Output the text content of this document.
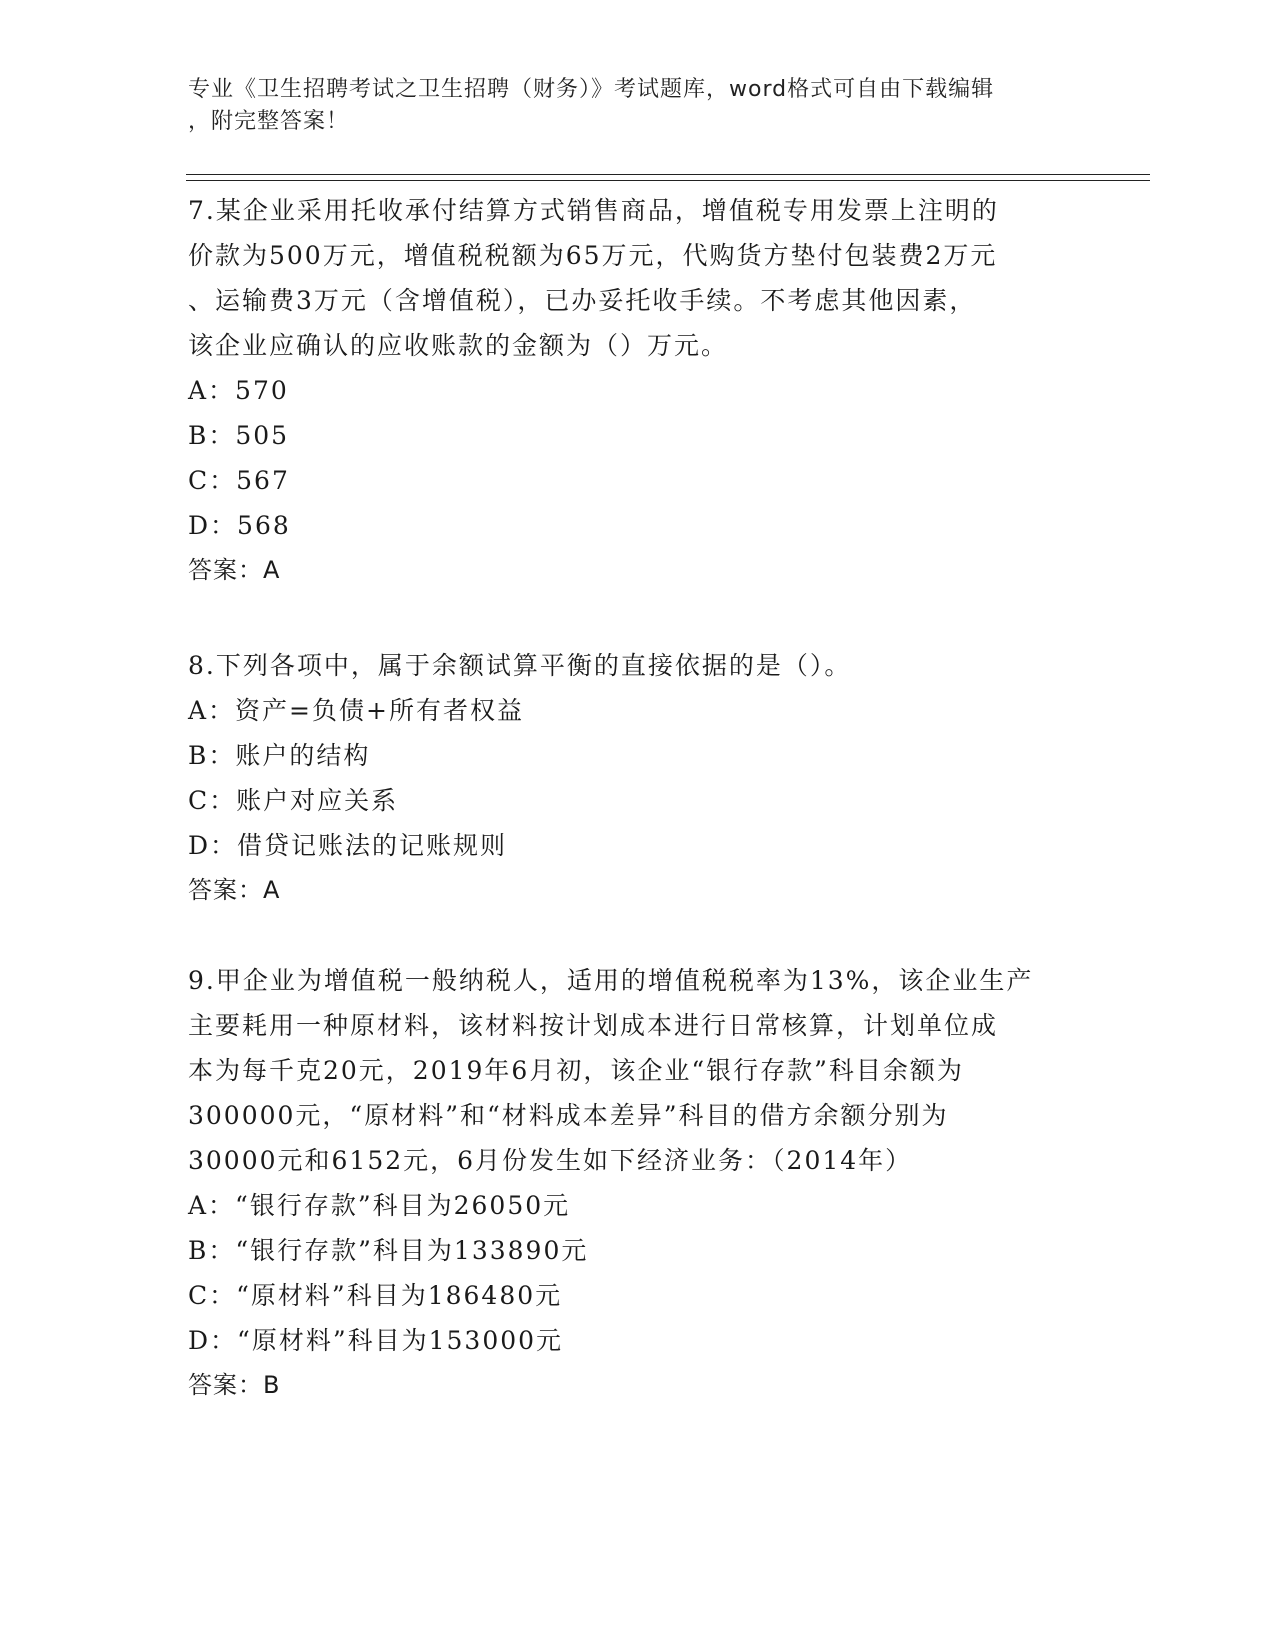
专业《卫生招聘考试之卫生招聘（财务）》考试题库，word格式可自由下载编辑
，附完整答案！
7.某企业采用托收承付结算方式销售商品，增值税专用发票上注明的
价款为500万元，增值税税额为65万元，代购货方垫付包装费2万元
、运输费3万元（含增值税），已办妥托收手续。不考虑其他因素，
该企业应确认的应收账款的金额为（）万元。
A：570
B：505
C：567
D：568
答案：A
8.下列各项中，属于余额试算平衡的直接依据的是（）。
A：资产=负债+所有者权益
B：账户的结构
C：账户对应关系
D：借贷记账法的记账规则
答案：A
9.甲企业为增值税一般纳税人，适用的增值税税率为13%，该企业生产
主要耗用一种原材料，该材料按计划成本进行日常核算，计划单位成
本为每千克20元，2019年6月初，该企业“银行存款”科目余额为
300000元，“原材料”和“材料成本差异”科目的借方余额分别为
30000元和6152元，6月份发生如下经济业务：（2014年）
A：“银行存款”科目为26050元
B：“银行存款”科目为133890元
C：“原材料”科目为186480元
D：“原材料”科目为153000元
答案：B
